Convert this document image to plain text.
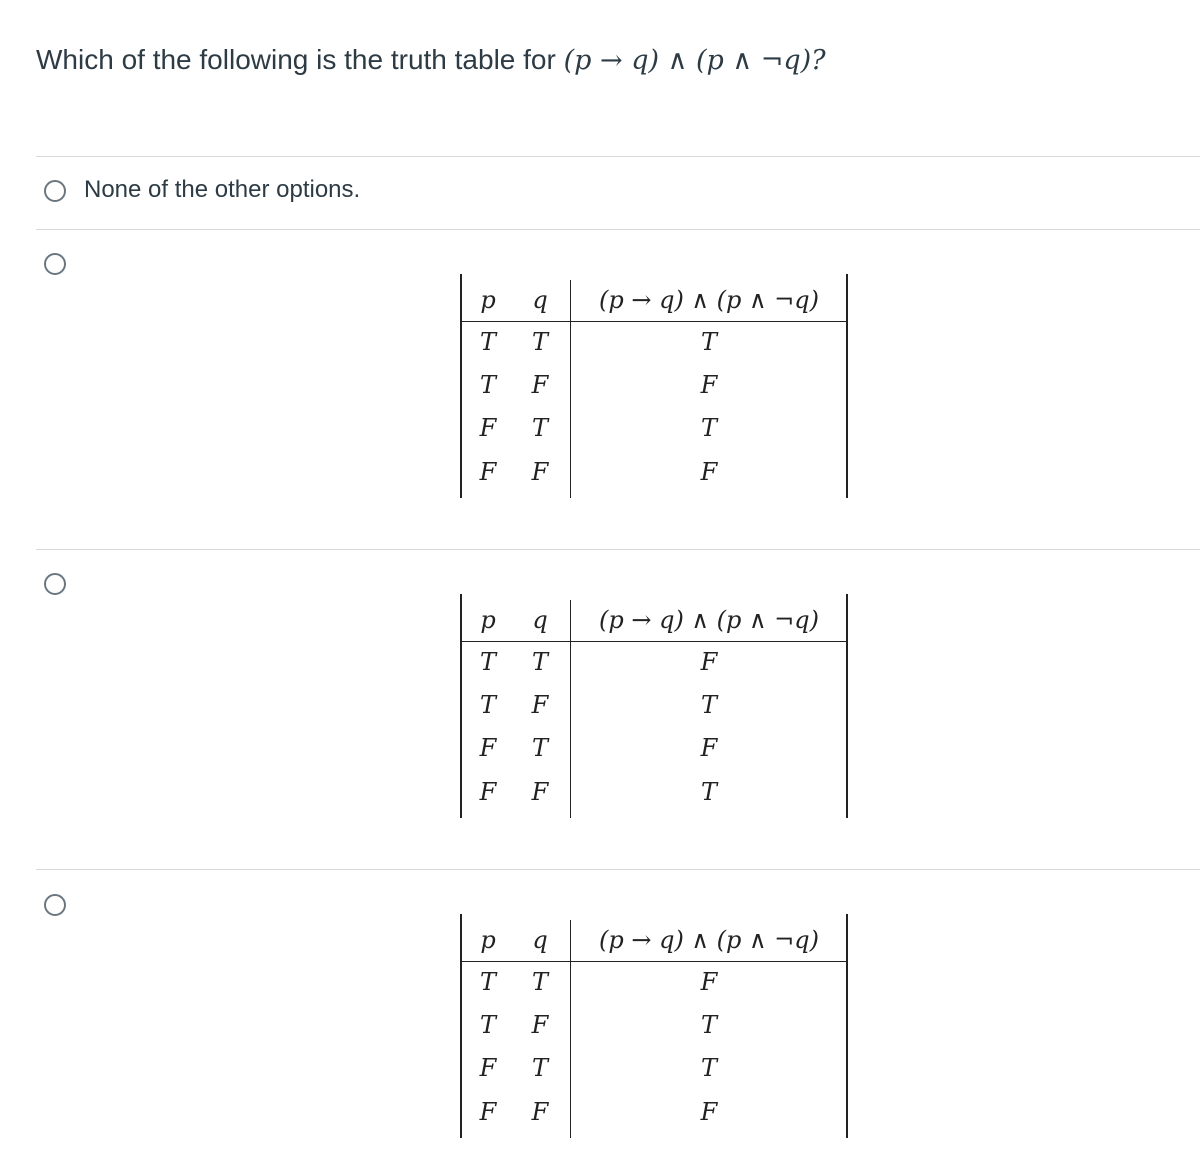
Which of the following is the truth table for (p → q) ∧ (p ∧ ¬q)?
None of the other options.
p	q	(p → q) ∧ (p ∧ ¬q)
T	T	T
T	F	F
F	T	T
F	F	F
p	q	(p → q) ∧ (p ∧ ¬q)
T	T	F
T	F	T
F	T	F
F	F	T
p	q	(p → q) ∧ (p ∧ ¬q)
T	T	F
T	F	T
F	T	T
F	F	F
